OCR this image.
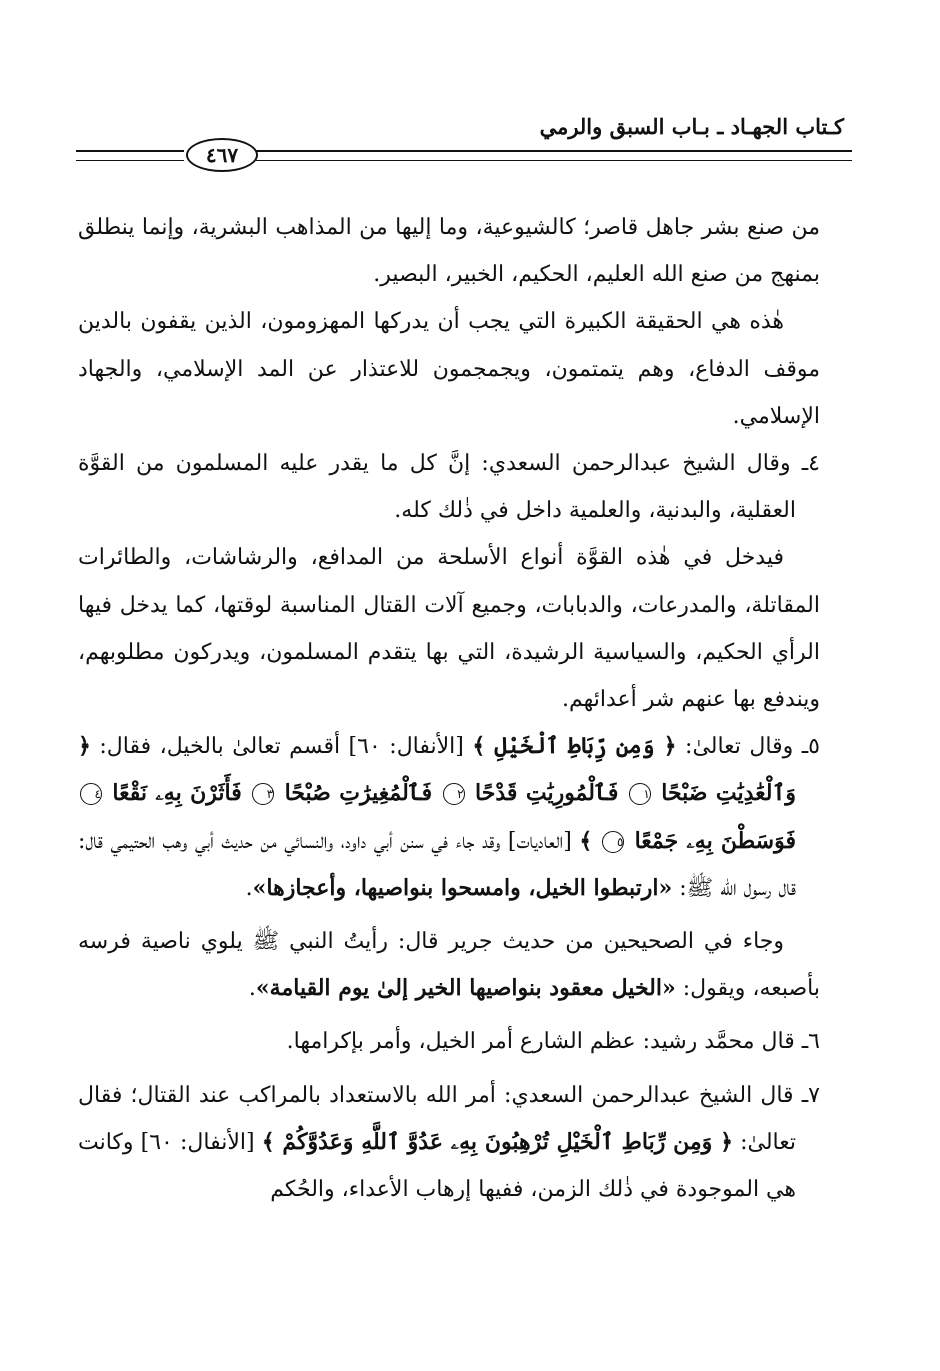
كـتاب الجهـاد ـ بـاب السبق والرمي
٤٦٧

من صنع بشر جاهل قاصر؛ كالشيوعية، وما إليها من المذاهب البشرية، وإنما ينطلق بمنهج من صنع الله العليم، الحكيم، الخبير، البصير.

هٰذه هي الحقيقة الكبيرة التي يجب أن يدركها المهزومون، الذين يقفون بالدين موقف الدفاع، وهم يتمتمون، ويجمجمون للاعتذار عن المد الإسلامي، والجهاد الإسلامي.

٤ـ وقال الشيخ عبدالرحمن السعدي: إنَّ كل ما يقدر عليه المسلمون من القوَّة العقلية، والبدنية، والعلمية داخل في ذٰلك كله.

فيدخل في هٰذه القوَّة أنواع الأسلحة من المدافع، والرشاشات، والطائرات المقاتلة، والمدرعات، والدبابات، وجميع آلات القتال المناسبة لوقتها، كما يدخل فيها الرأي الحكيم، والسياسية الرشيدة، التي بها يتقدم المسلمون، ويدركون مطلوبهم، ويندفع بها عنهم شر أعدائهم.

٥ـ وقال تعالىٰ: ﴿ وَمِن رِّبَاطِ ٱلْخَيْلِ ﴾ [الأنفال: ٦٠] أقسم تعالىٰ بالخيل، فقال: ﴿ وَٱلْعَٰدِيَٰتِ ضَبْحًا ١ فَٱلْمُورِيَٰتِ قَدْحًا ٢ فَٱلْمُغِيرَٰتِ صُبْحًا ٣ فَأَثَرْنَ بِهِۦ نَقْعًا ٤ فَوَسَطْنَ بِهِۦ جَمْعًا ٥ ﴾ [العاديات] وقد جاء في سنن أبي داود، والنسائي من حديث أبي وهب الحتيمي قال: قال رسول الله ﷺ: «ارتبطوا الخيل، وامسحوا بنواصيها، وأعجازها».

وجاء في الصحيحين من حديث جرير قال: رأيتُ النبي ﷺ يلوي ناصية فرسه بأصبعه، ويقول: «الخيل معقود بنواصيها الخير إلىٰ يوم القيامة».

٦ـ قال محمَّد رشيد: عظم الشارع أمر الخيل، وأمر بإكرامها.

٧ـ قال الشيخ عبدالرحمن السعدي: أمر الله بالاستعداد بالمراكب عند القتال؛ فقال تعالىٰ: ﴿ وَمِن رِّبَاطِ ٱلْخَيْلِ تُرْهِبُونَ بِهِۦ عَدُوَّ ٱللَّهِ وَعَدُوَّكُمْ ﴾ [الأنفال: ٦٠] وكانت هي الموجودة في ذٰلك الزمن، ففيها إرهاب الأعداء، والحُكم
